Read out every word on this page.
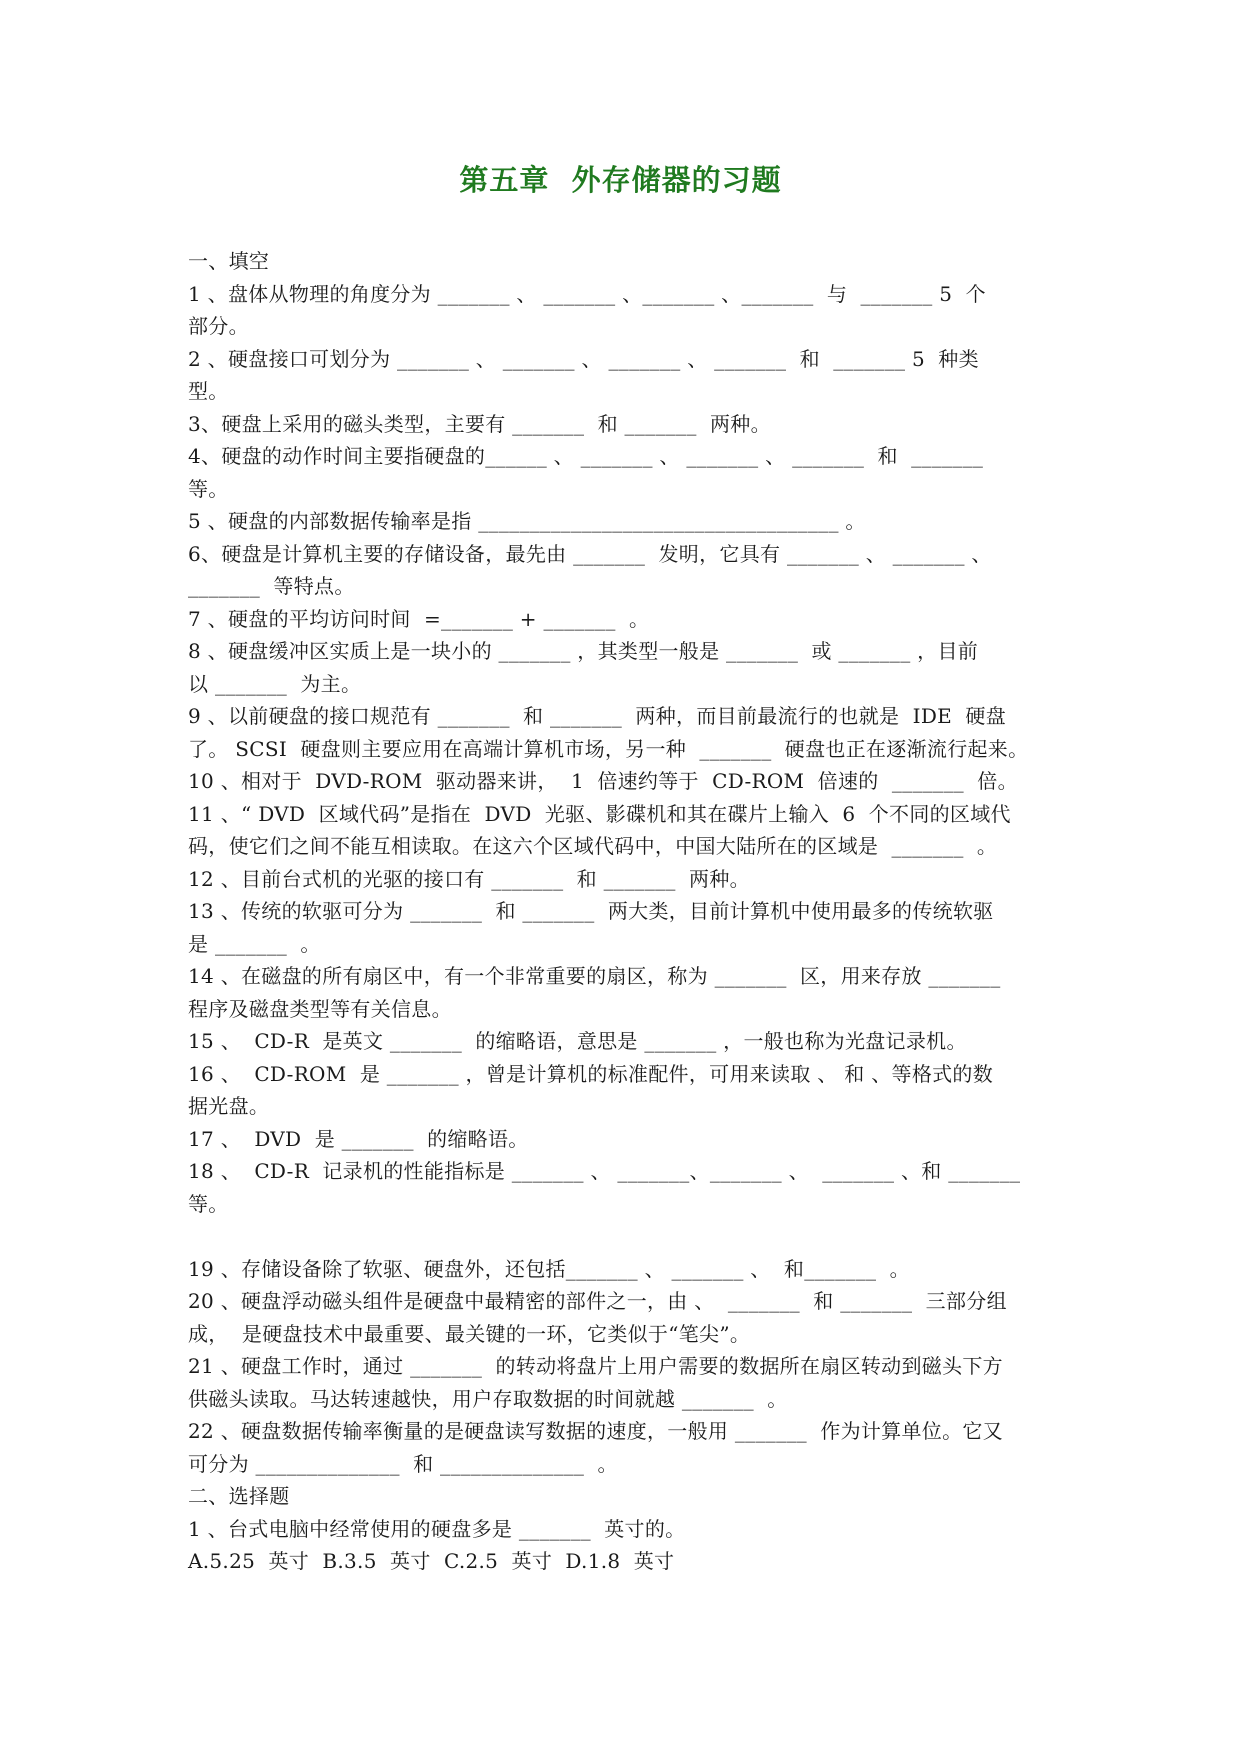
第五章  外存储器的习题
一、填空
1 、盘体从物理的角度分为 _______ 、 _______ 、_______ 、_______  与  _______ 5  个
部分。
2 、硬盘接口可划分为 _______ 、 _______ 、 _______ 、 _______  和  _______ 5  种类
型。
3、硬盘上采用的磁头类型，主要有 _______  和 _______  两种。
4、硬盘的动作时间主要指硬盘的______ 、 _______ 、 _______ 、 _______  和  _______
等。
5 、硬盘的内部数据传输率是指 ___________________________________ 。
6、硬盘是计算机主要的存储设备，最先由 _______  发明，它具有 _______ 、 _______ 、
_______  等特点。
7 、硬盘的平均访问时间  =_______ + _______  。
8 、硬盘缓冲区实质上是一块小的 _______ ，其类型一般是 _______  或 _______ ，目前
以 _______  为主。
9 、以前硬盘的接口规范有 _______  和 _______  两种，而目前最流行的也就是  IDE  硬盘
了。 SCSI  硬盘则主要应用在高端计算机市场，另一种  _______  硬盘也正在逐渐流行起来。
10 、相对于  DVD-ROM  驱动器来讲，  1  倍速约等于  CD-ROM  倍速的  _______  倍。
11 、“ DVD  区域代码”是指在  DVD  光驱、影碟机和其在碟片上输入  6  个不同的区域代
码，使它们之间不能互相读取。在这六个区域代码中，中国大陆所在的区域是  _______  。
12 、目前台式机的光驱的接口有 _______  和 _______  两种。
13 、传统的软驱可分为 _______  和 _______  两大类，目前计算机中使用最多的传统软驱
是 _______  。
14 、在磁盘的所有扇区中，有一个非常重要的扇区，称为 _______  区，用来存放 _______
程序及磁盘类型等有关信息。
15 、  CD-R  是英文 _______  的缩略语，意思是 _______ ，一般也称为光盘记录机。
16 、  CD-ROM  是 _______ ，曾是计算机的标准配件，可用来读取 、 和 、等格式的数
据光盘。
17 、  DVD  是 _______  的缩略语。
18 、  CD-R  记录机的性能指标是 _______ 、 _______、_______ 、  _______ 、和 _______
等。
19 、存储设备除了软驱、硬盘外，还包括_______ 、 _______ 、  和_______  。
20 、硬盘浮动磁头组件是硬盘中最精密的部件之一，由 、  _______  和 _______  三部分组
成，  是硬盘技术中最重要、最关键的一环，它类似于“笔尖”。
21 、硬盘工作时，通过 _______  的转动将盘片上用户需要的数据所在扇区转动到磁头下方
供磁头读取。马达转速越快，用户存取数据的时间就越 _______  。
22 、硬盘数据传输率衡量的是硬盘读写数据的速度，一般用 _______  作为计算单位。它又
可分为 ______________  和 ______________  。
二、选择题
1 、台式电脑中经常使用的硬盘多是 _______  英寸的。
A.5.25  英寸  B.3.5  英寸  C.2.5  英寸  D.1.8  英寸
